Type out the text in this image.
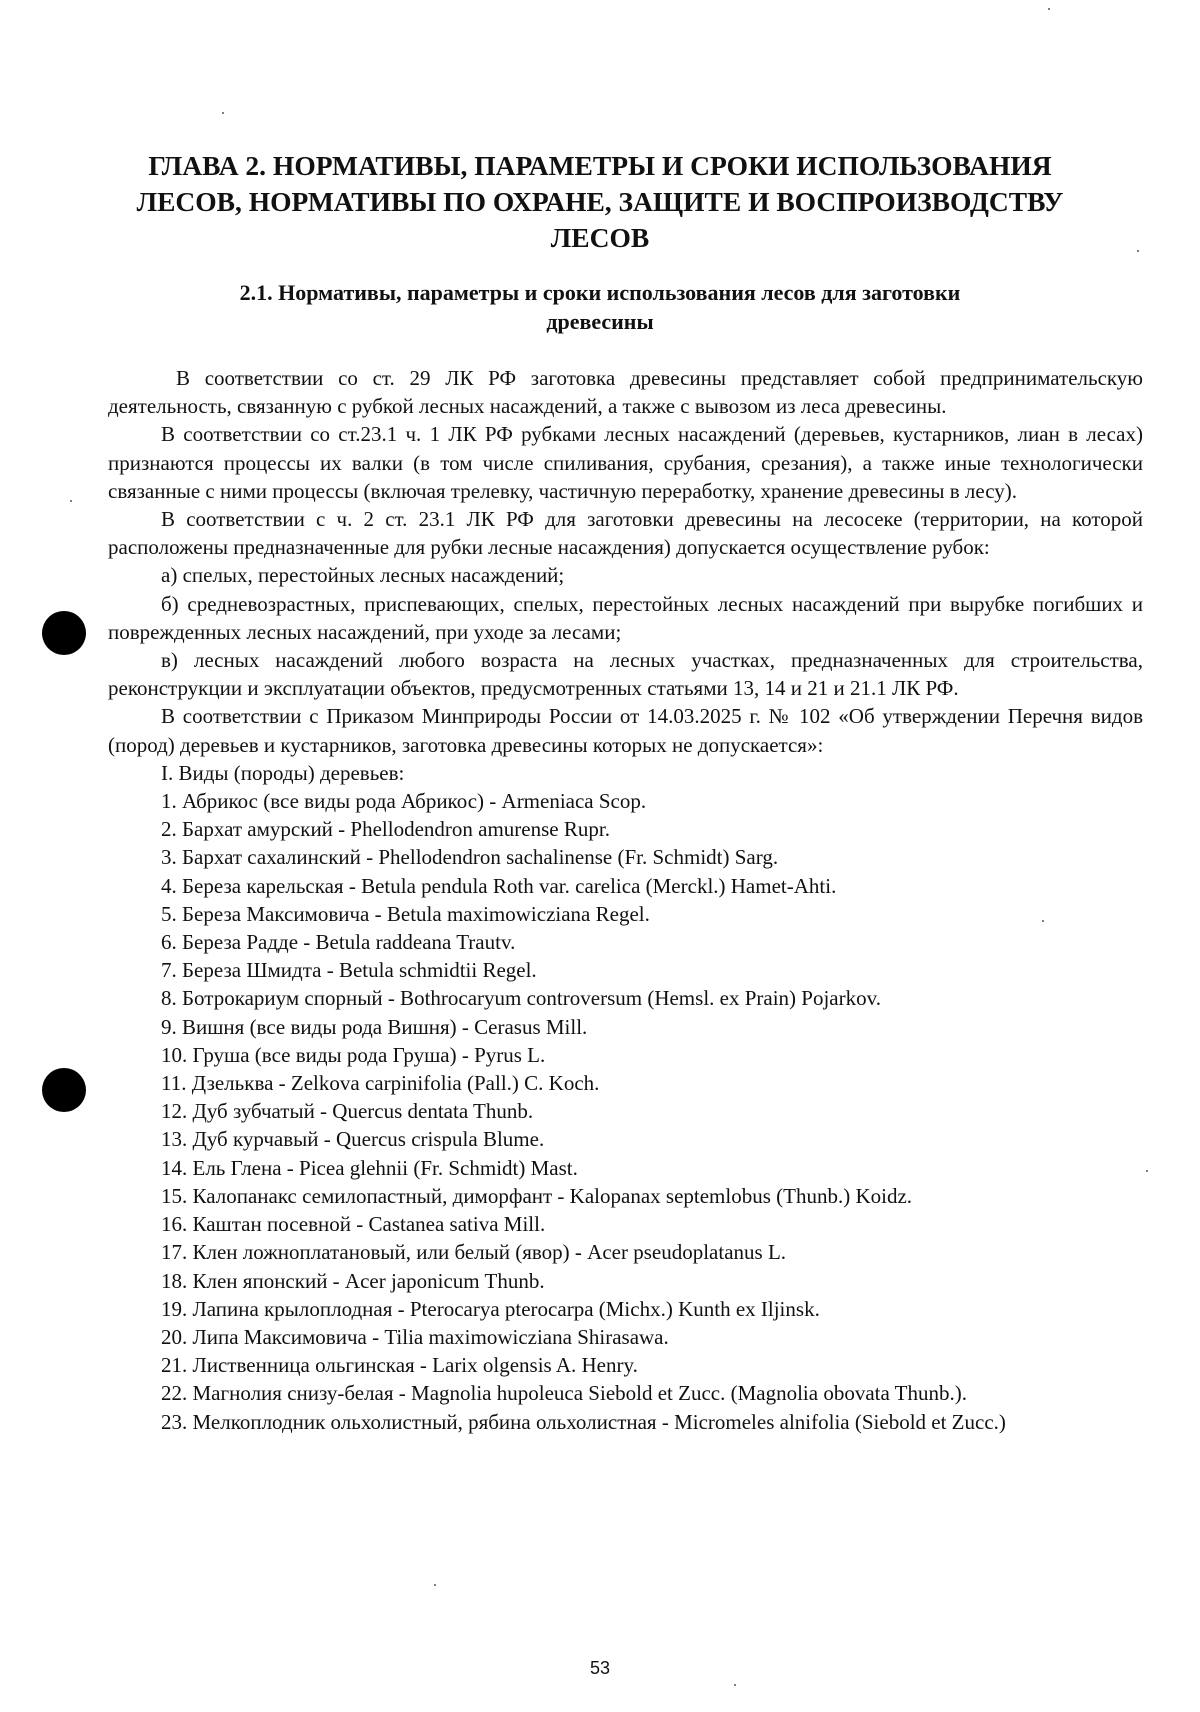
ГЛАВА 2. НОРМАТИВЫ, ПАРАМЕТРЫ И СРОКИ ИСПОЛЬЗОВАНИЯ
ЛЕСОВ, НОРМАТИВЫ ПО ОХРАНЕ, ЗАЩИТЕ И ВОСПРОИЗВОДСТВУ
ЛЕСОВ
2.1. Нормативы, параметры и сроки использования лесов для заготовки
древесины

В соответствии со ст. 29 ЛК РФ заготовка древесины представляет собой предпринимательскую деятельность, связанную с рубкой лесных насаждений, а также с вывозом из леса древесины.

В соответствии со ст.23.1 ч. 1 ЛК РФ рубками лесных насаждений (деревьев, кустарников, лиан в лесах) признаются процессы их валки (в том числе спиливания, срубания, срезания), а также иные технологически связанные с ними процессы (включая трелевку, частичную переработку, хранение древесины в лесу).

В соответствии с ч. 2 ст. 23.1 ЛК РФ для заготовки древесины на лесосеке (территории, на которой расположены предназначенные для рубки лесные насаждения) допускается осуществление рубок:

а) спелых, перестойных лесных насаждений;

б) средневозрастных, приспевающих, спелых, перестойных лесных насаждений при вырубке погибших и поврежденных лесных насаждений, при уходе за лесами;

в) лесных насаждений любого возраста на лесных участках, предназначенных для строительства, реконструкции и эксплуатации объектов, предусмотренных статьями 13, 14 и 21 и 21.1 ЛК РФ.

В соответствии с Приказом Минприроды России от 14.03.2025 г. № 102 «Об утверждении Перечня видов (пород) деревьев и кустарников, заготовка древесины которых не допускается»:

I. Виды (породы) деревьев:

1. Абрикос (все виды рода Абрикос) - Armeniaca Scop.
2. Бархат амурский - Phellodendron amurense Rupr.
3. Бархат сахалинский - Phellodendron sachalinense (Fr. Schmidt) Sarg.
4. Береза карельская - Betula pendula Roth var. carelica (Merckl.) Hamet-Ahti.
5. Береза Максимовича - Betula maximowicziana Regel.
6. Береза Радде - Betula raddeana Trautv.
7. Береза Шмидта - Betula schmidtii Regel.
8. Ботрокариум спорный - Bothrocaryum controversum (Hemsl. ex Prain) Pojarkov.
9. Вишня (все виды рода Вишня) - Cerasus Mill.
10. Груша (все виды рода Груша) - Pyrus L.
11. Дзельква - Zelkova carpinifolia (Pall.) C. Koch.
12. Дуб зубчатый - Quercus dentata Thunb.
13. Дуб курчавый - Quercus crispula Blume.
14. Ель Глена - Picea glehnii (Fr. Schmidt) Mast.
15. Калопанакс семилопастный, диморфант - Kalopanax septemlobus (Thunb.) Koidz.
16. Каштан посевной - Castanea sativa Mill.
17. Клен ложноплатановый, или белый (явор) - Acer pseudoplatanus L.
18. Клен японский - Acer japonicum Thunb.
19. Лапина крылоплодная - Pterocarya pterocarpa (Michx.) Kunth ex Iljinsk.
20. Липа Максимовича - Tilia maximowicziana Shirasawa.
21. Лиственница ольгинская - Larix olgensis A. Henry.
22. Магнолия снизу-белая - Magnolia hupoleuca Siebold et Zucc. (Magnolia obovata Thunb.).
23. Мелкоплодник ольхолистный, рябина ольхолистная - Micromeles alnifolia (Siebold et Zucc.)
53
